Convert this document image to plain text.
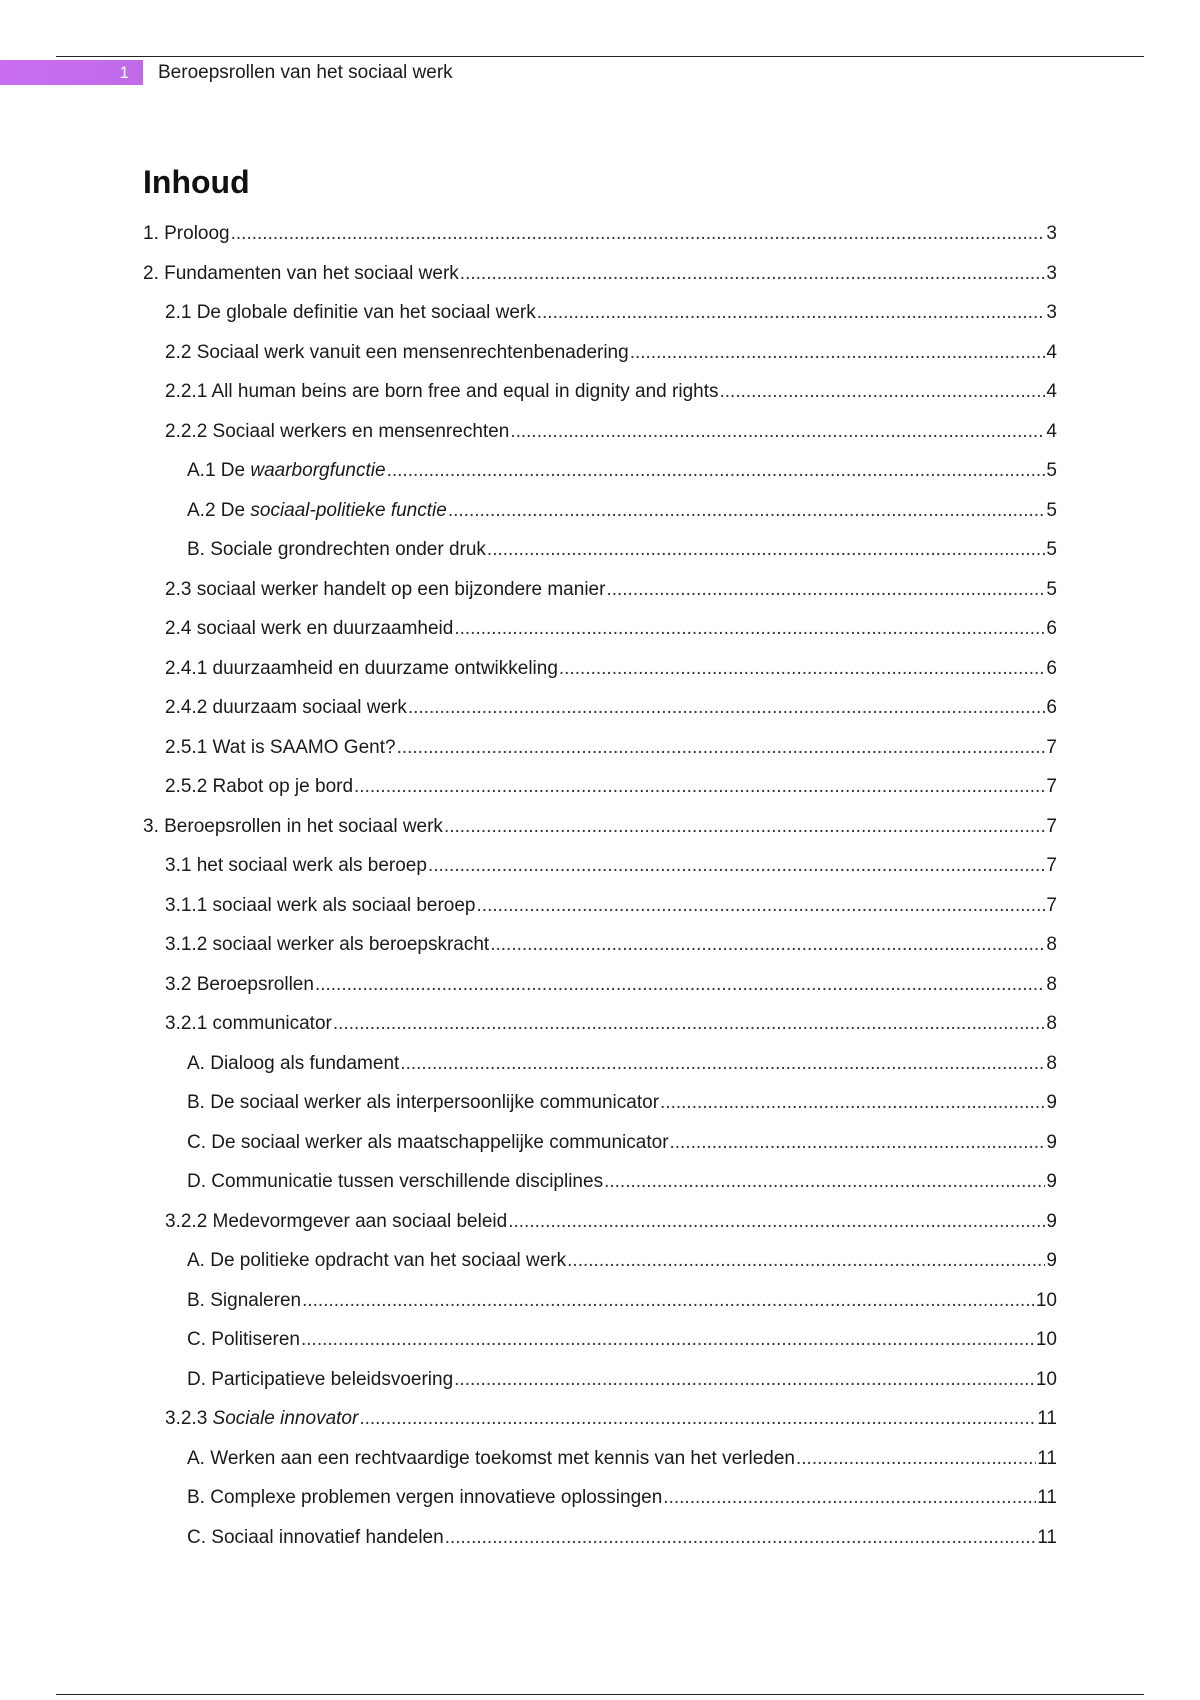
1	Beroepsrollen van het sociaal werk
Inhoud
1. Proloog .....	3
2. Fundamenten van het sociaal werk .....	3
2.1 De globale definitie van het sociaal werk .....	3
2.2 Sociaal werk vanuit een mensenrechtenbenadering .....	4
2.2.1 All human beins are born free and equal in dignity and rights .....	4
2.2.2 Sociaal werkers en mensenrechten .....	4
A.1 De waarborgfunctie .....	5
A.2 De sociaal-politieke functie .....	5
B. Sociale grondrechten onder druk .....	5
2.3 sociaal werker handelt op een bijzondere manier .....	5
2.4 sociaal werk en duurzaamheid .....	6
2.4.1 duurzaamheid en duurzame ontwikkeling .....	6
2.4.2 duurzaam sociaal werk .....	6
2.5.1 Wat is SAAMO Gent? .....	7
2.5.2 Rabot op je bord .....	7
3. Beroepsrollen in het sociaal werk .....	7
3.1 het sociaal werk als beroep .....	7
3.1.1 sociaal werk als sociaal beroep .....	7
3.1.2 sociaal werker als beroepskracht .....	8
3.2 Beroepsrollen .....	8
3.2.1 communicator .....	8
A. Dialoog als fundament .....	8
B. De sociaal werker als interpersoonlijke communicator .....	9
C. De sociaal werker als maatschappelijke communicator .....	9
D. Communicatie tussen verschillende disciplines .....	9
3.2.2 Medevormgever aan sociaal beleid .....	9
A. De politieke opdracht van het sociaal werk .....	9
B. Signaleren .....	10
C. Politiseren .....	10
D. Participatieve beleidsvoering .....	10
3.2.3 Sociale innovator .....	11
A. Werken aan een rechtvaardige toekomst met kennis van het verleden .....	11
B. Complexe problemen vergen innovatieve oplossingen .....	11
C. Sociaal innovatief handelen .....	11
